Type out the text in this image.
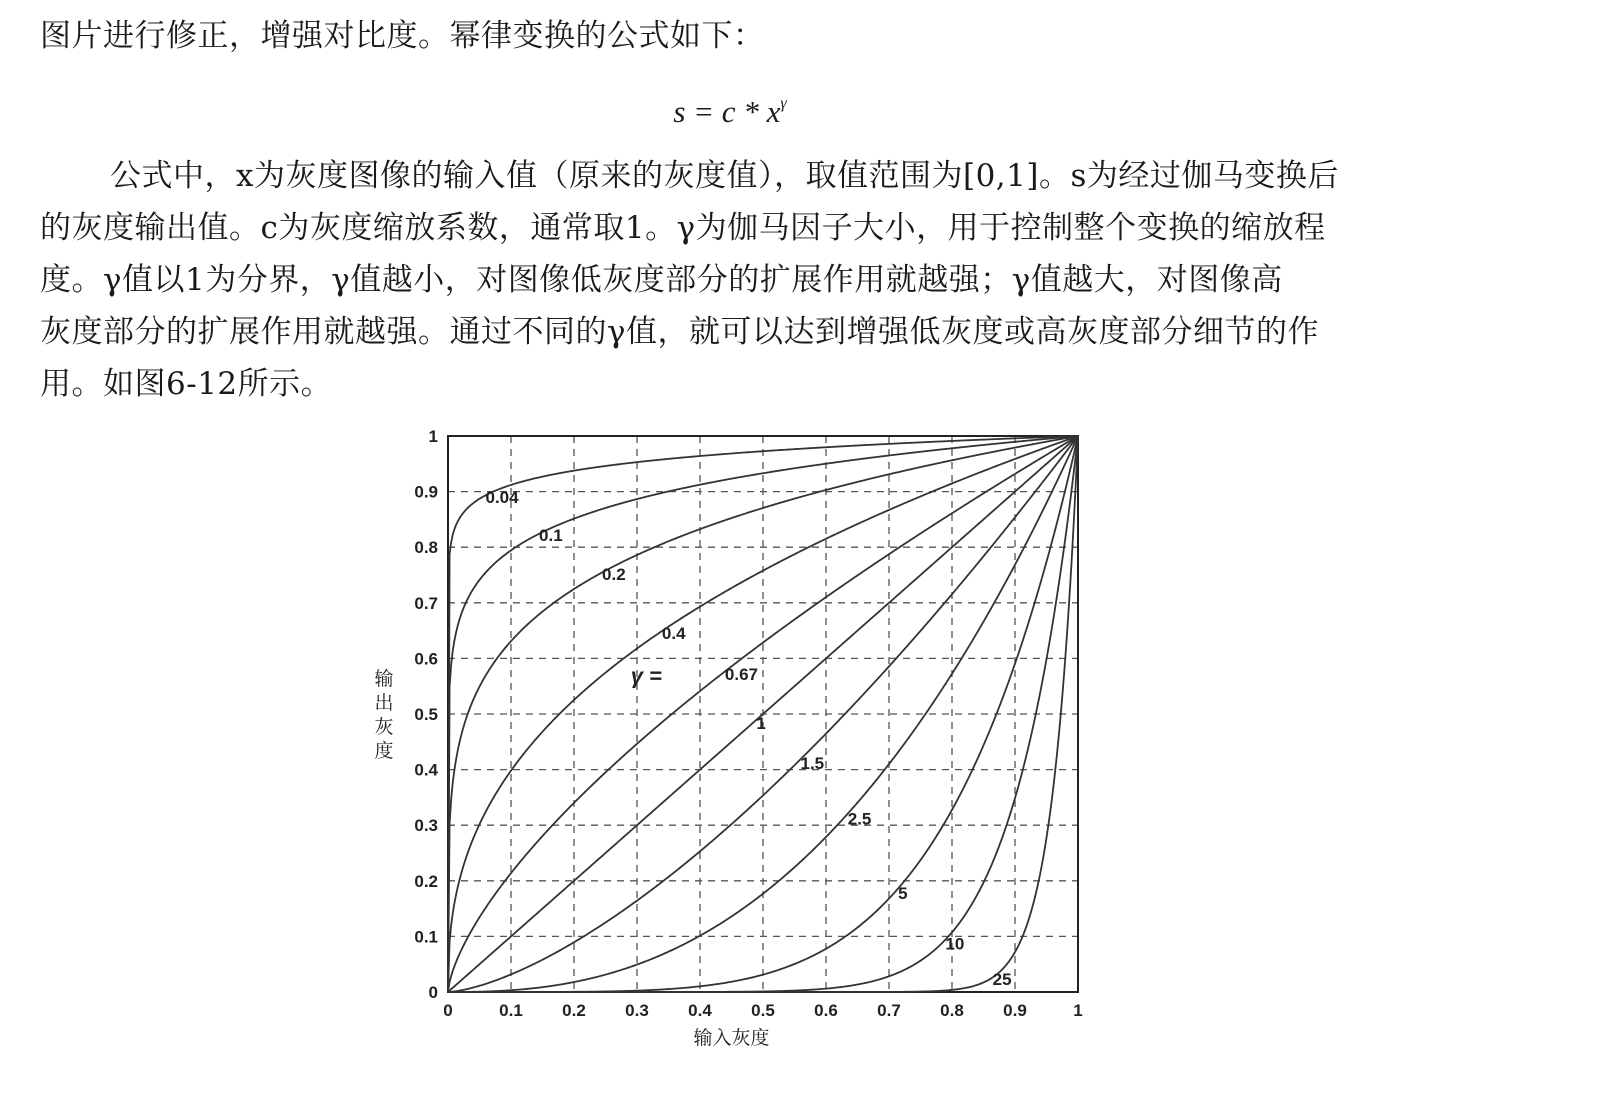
图片进行修正，增强对比度。幂律变换的公式如下：
$s = c * x^\gamma$
公式中，x为灰度图像的输入值（原来的灰度值），取值范围为[0,1]。s为经过伽马变换后
的灰度输出值。c为灰度缩放系数，通常取1。γ为伽马因子大小，用于控制整个变换的缩放程
度。γ值以1为分界，γ值越小，对图像低灰度部分的扩展作用就越强；γ值越大，对图像高
灰度部分的扩展作用就越强。通过不同的γ值，就可以达到增强低灰度或高灰度部分细节的作
用。如图6-12所示。
0.04
0.1
0.2
0.4
0.67
1
1.5
2.5
5
10
25
0	0.1 0.2 0.3 0.4 0.5 0.6 0.7 0.8 0.9	1
0
0.1
0.2
0.3
0.4
0.5
0.6
0.7
0.8
0.9
1
γ =
输入灰度
输
出
灰
度
